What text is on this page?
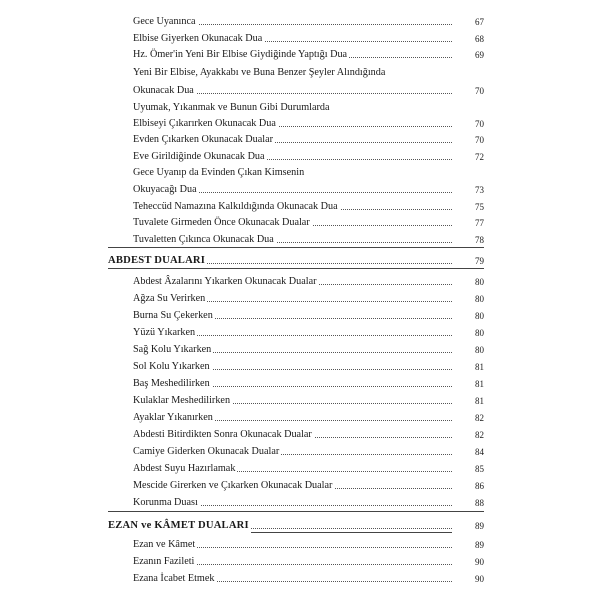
Gece Uyanınca	67
Elbise Giyerken Okunacak Dua	68
Hz. Ömer'in Yeni Bir Elbise Giydiğinde Yaptığı Dua	69
Yeni Bir Elbise, Ayakkabı ve Buna Benzer Şeyler Alındığında
Okunacak Dua	70
Uyumak, Yıkanmak ve Bunun Gibi Durumlarda
Elbiseyi Çıkarırken Okunacak Dua	70
Evden Çıkarken Okunacak Dualar	70
Eve Girildiğinde Okunacak Dua	72
Gece Uyanıp da Evinden Çıkan Kimsenin
Okuyacağı Dua	73
Teheccüd Namazına Kalkıldığında Okunacak Dua	75
Tuvalete Girmeden Önce Okunacak Dualar	77
Tuvaletten Çıkınca Okunacak Dua	78
ABDEST DUALARI	79
Abdest Âzalarını Yıkarken Okunacak Dualar	80
Ağza Su Verirken	80
Burna Su Çekerken	80
Yüzü Yıkarken	80
Sağ Kolu Yıkarken	80
Sol Kolu Yıkarken	81
Baş Meshedilirken	81
Kulaklar Meshedilirken	81
Ayaklar Yıkanırken	82
Abdesti Bitirdikten Sonra Okunacak Dualar	82
Camiye Giderken Okunacak Dualar	84
Abdest Suyu Hazırlamak	85
Mescide Girerken ve Çıkarken Okunacak Dualar	86
Korunma Duası	88
EZAN ve KÂMET DUALARI	89
Ezan ve Kâmet	89
Ezanın Fazileti	90
Ezana İcabet Etmek	90
